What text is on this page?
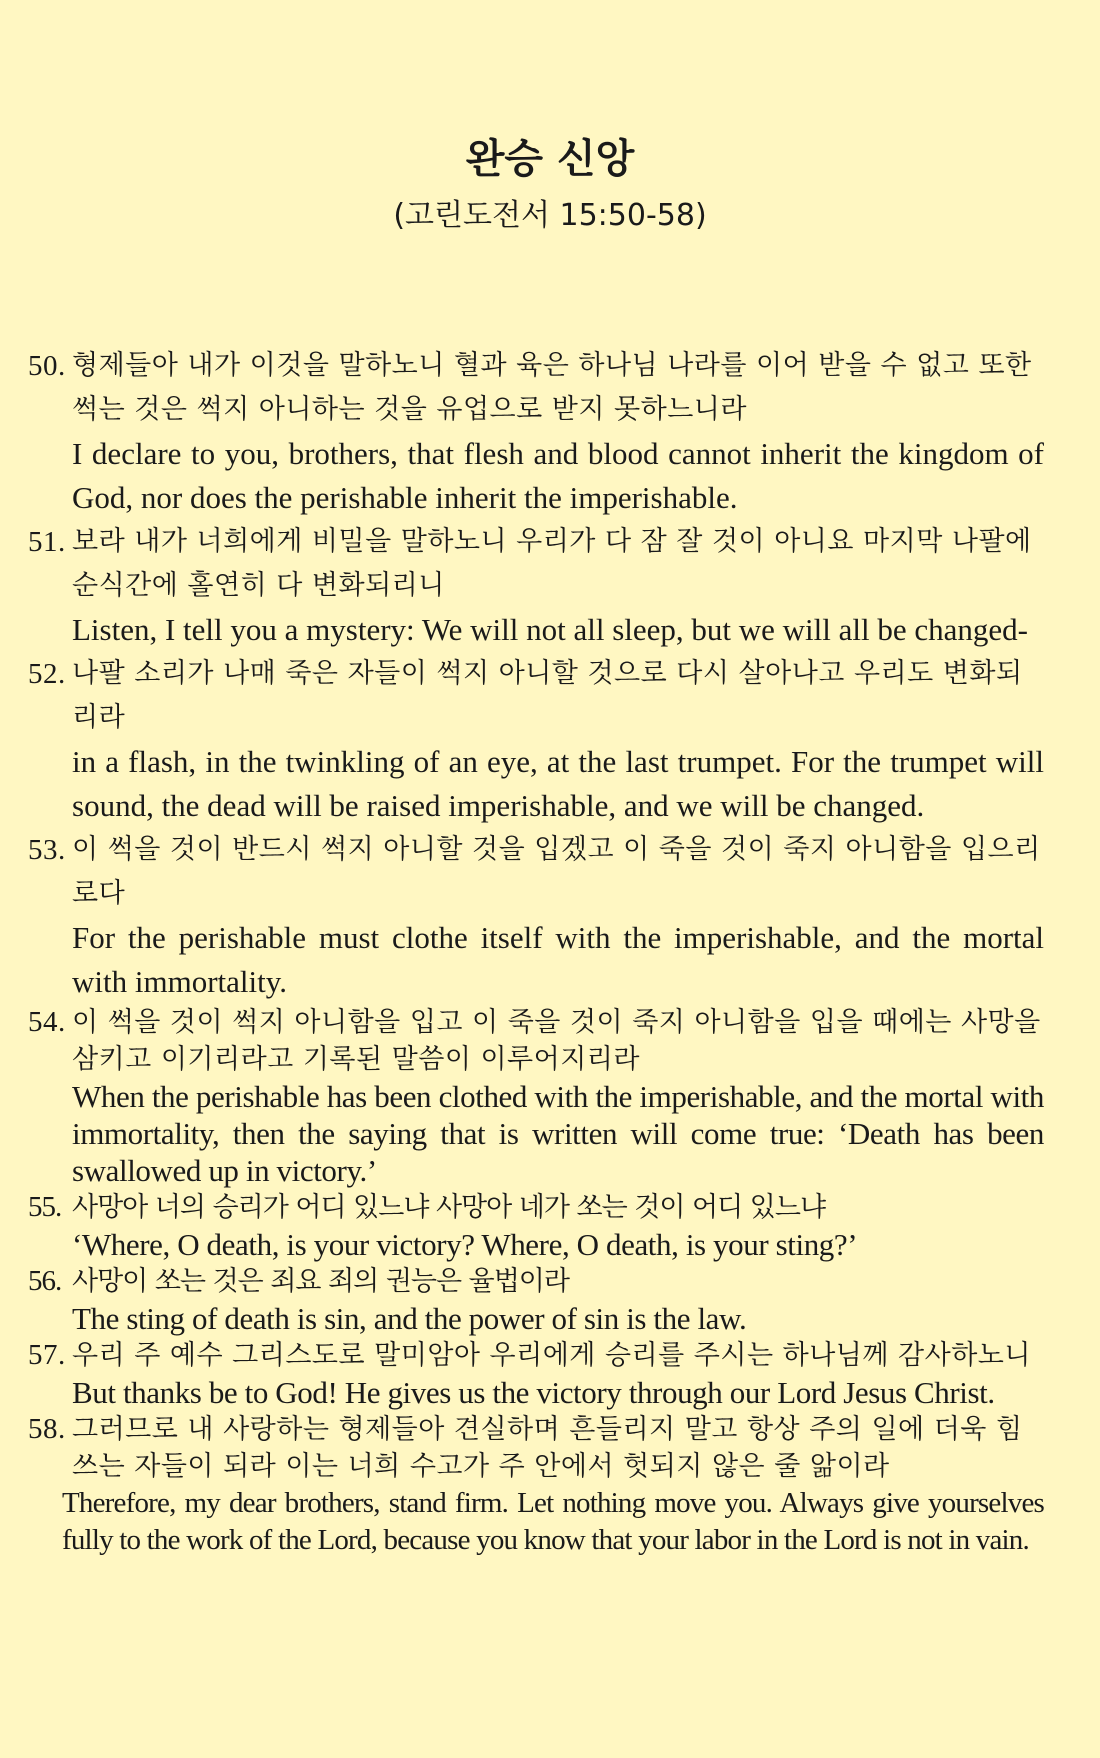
완승 신앙
(고린도전서 15:50-58)
50. 형제들아 내가 이것을 말하노니 혈과 육은 하나님 나라를 이어 받을 수 없고 또한 썩는 것은 썩지 아니하는 것을 유업으로 받지 못하느니라
I declare to you, brothers, that flesh and blood cannot inherit the kingdom of God, nor does the perishable inherit the imperishable.
51. 보라 내가 너희에게 비밀을 말하노니 우리가 다 잠 잘 것이 아니요 마지막 나팔에 순식간에 홀연히 다 변화되리니
Listen, I tell you a mystery: We will not all sleep, but we will all be changed-
52. 나팔 소리가 나매 죽은 자들이 썩지 아니할 것으로 다시 살아나고 우리도 변화되리라
in a flash, in the twinkling of an eye, at the last trumpet. For the trumpet will sound, the dead will be raised imperishable, and we will be changed.
53. 이 썩을 것이 반드시 썩지 아니할 것을 입겠고 이 죽을 것이 죽지 아니함을 입으리로다
For the perishable must clothe itself with the imperishable, and the mortal with immortality.
54. 이 썩을 것이 썩지 아니함을 입고 이 죽을 것이 죽지 아니함을 입을 때에는 사망을 삼키고 이기리라고 기록된 말씀이 이루어지리라
When the perishable has been clothed with the imperishable, and the mortal with immortality, then the saying that is written will come true: ‘Death has been swallowed up in victory.’
55. 사망아 너의 승리가 어디 있느냐 사망아 네가 쏘는 것이 어디 있느냐
‘Where, O death, is your victory? Where, O death, is your sting?’
56. 사망이 쏘는 것은 죄요 죄의 권능은 율법이라
The sting of death is sin, and the power of sin is the law.
57. 우리 주 예수 그리스도로 말미암아 우리에게 승리를 주시는 하나님께 감사하노니
But thanks be to God! He gives us the victory through our Lord Jesus Christ.
58. 그러므로 내 사랑하는 형제들아 견실하며 흔들리지 말고 항상 주의 일에 더욱 힘쓰는 자들이 되라 이는 너희 수고가 주 안에서 헛되지 않은 줄 앎이라
Therefore, my dear brothers, stand firm. Let nothing move you. Always give yourselves fully to the work of the Lord, because you know that your labor in the Lord is not in vain.
